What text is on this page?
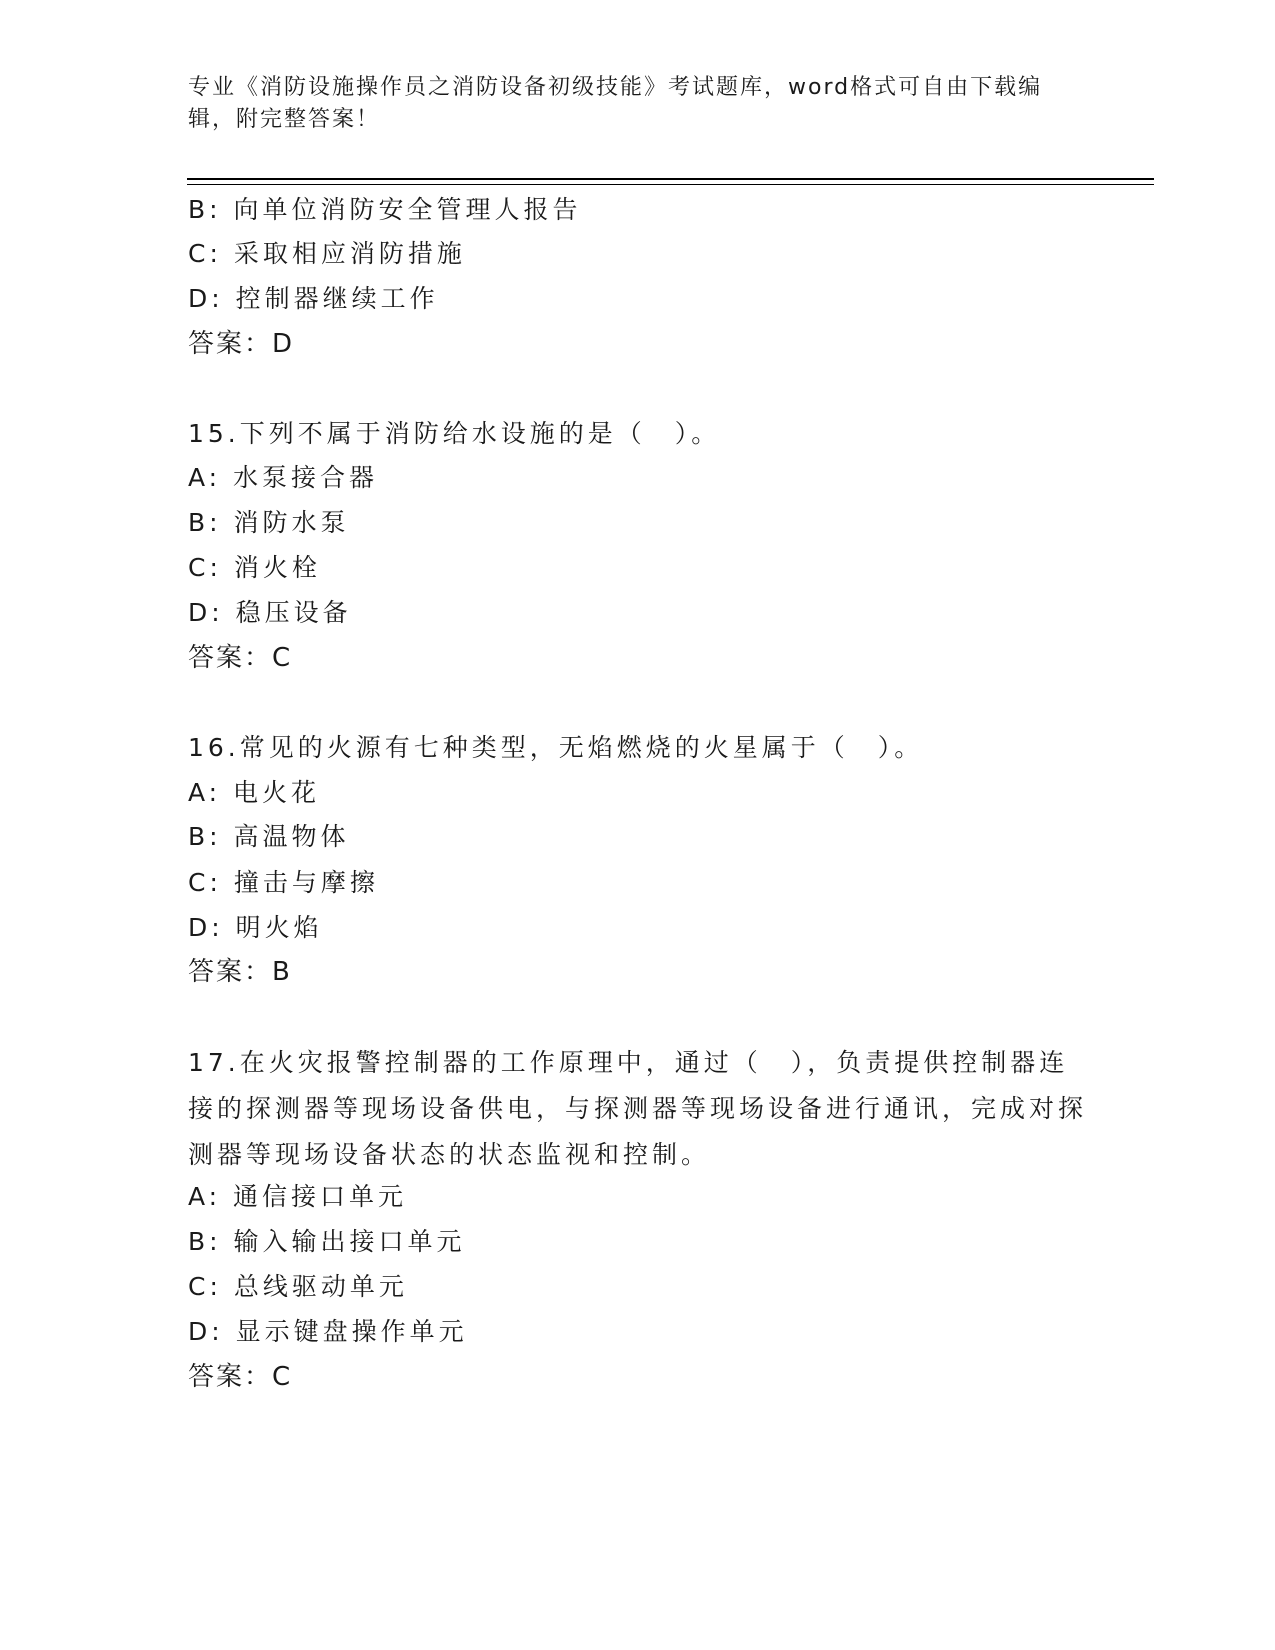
专业《消防设施操作员之消防设备初级技能》考试题库，word格式可自由下载编辑，附完整答案！
B: 向单位消防安全管理人报告
C: 采取相应消防措施
D: 控制器继续工作
答案：D
15.下列不属于消防给水设施的是（　）。
A: 水泵接合器
B: 消防水泵
C: 消火栓
D: 稳压设备
答案：C
16.常见的火源有七种类型，无焰燃烧的火星属于（　）。
A: 电火花
B: 高温物体
C: 撞击与摩擦
D: 明火焰
答案：B
17.在火灾报警控制器的工作原理中，通过（　），负责提供控制器连接的探测器等现场设备供电，与探测器等现场设备进行通讯，完成对探测器等现场设备状态的状态监视和控制。
A: 通信接口单元
B: 输入输出接口单元
C: 总线驱动单元
D: 显示键盘操作单元
答案：C
